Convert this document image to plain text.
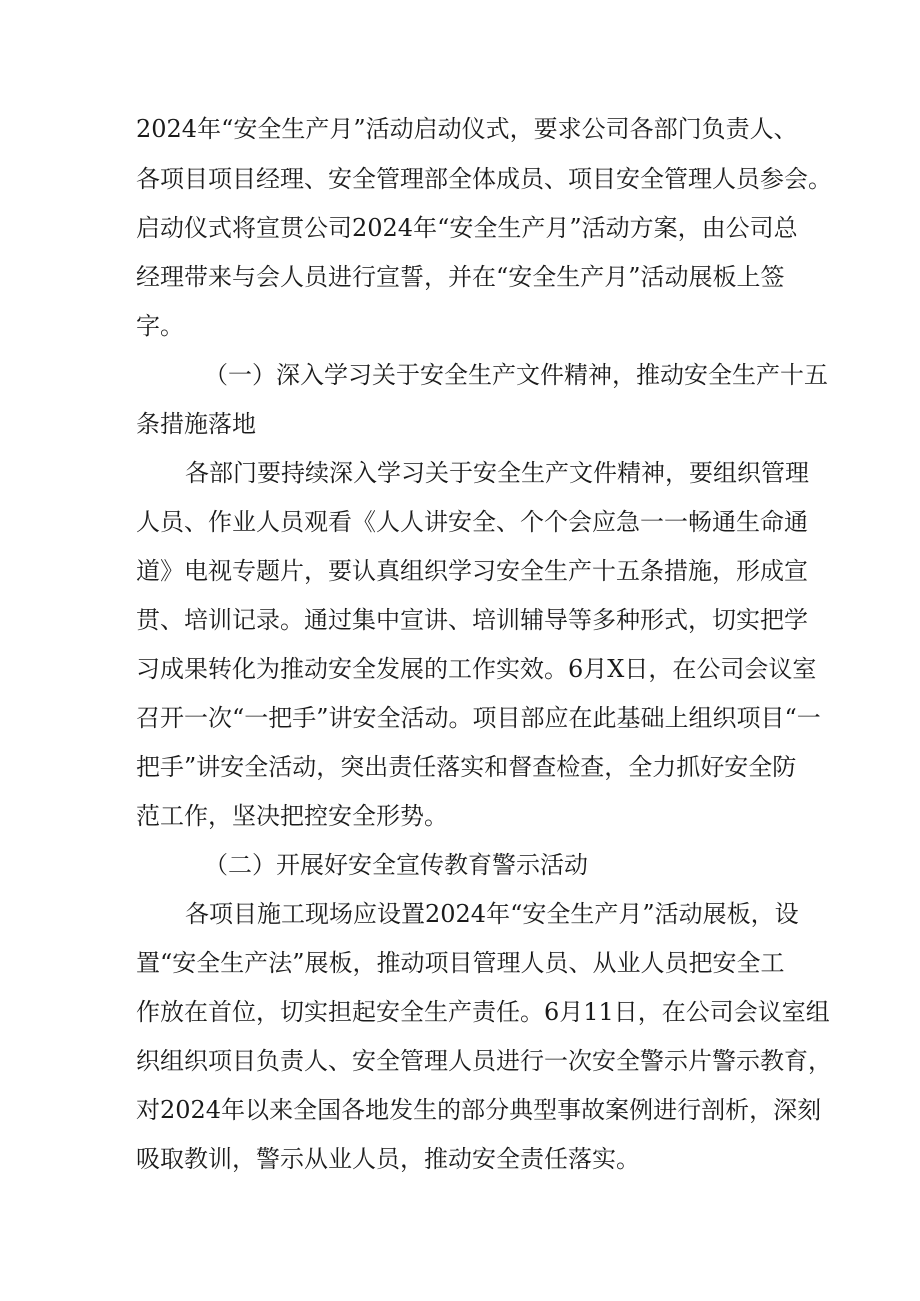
2024年“安全生产月”活动启动仪式，要求公司各部门负责人、
各项目项目经理、安全管理部全体成员、项目安全管理人员参会。
启动仪式将宣贯公司2024年“安全生产月”活动方案，由公司总
经理带来与会人员进行宣誓，并在“安全生产月”活动展板上签
字。
（一）深入学习关于安全生产文件精神，推动安全生产十五
条措施落地
各部门要持续深入学习关于安全生产文件精神，要组织管理
人员、作业人员观看《人人讲安全、个个会应急一一畅通生命通
道》电视专题片，要认真组织学习安全生产十五条措施，形成宣
贯、培训记录。通过集中宣讲、培训辅导等多种形式，切实把学
习成果转化为推动安全发展的工作实效。6月X日，在公司会议室
召开一次“一把手”讲安全活动。项目部应在此基础上组织项目“一
把手”讲安全活动，突出责任落实和督查检查，全力抓好安全防
范工作，坚决把控安全形势。
（二）开展好安全宣传教育警示活动
各项目施工现场应设置2024年“安全生产月”活动展板，设
置“安全生产法”展板，推动项目管理人员、从业人员把安全工
作放在首位，切实担起安全生产责任。6月11日，在公司会议室组
织组织项目负责人、安全管理人员进行一次安全警示片警示教育，
对2024年以来全国各地发生的部分典型事故案例进行剖析，深刻
吸取教训，警示从业人员，推动安全责任落实。
